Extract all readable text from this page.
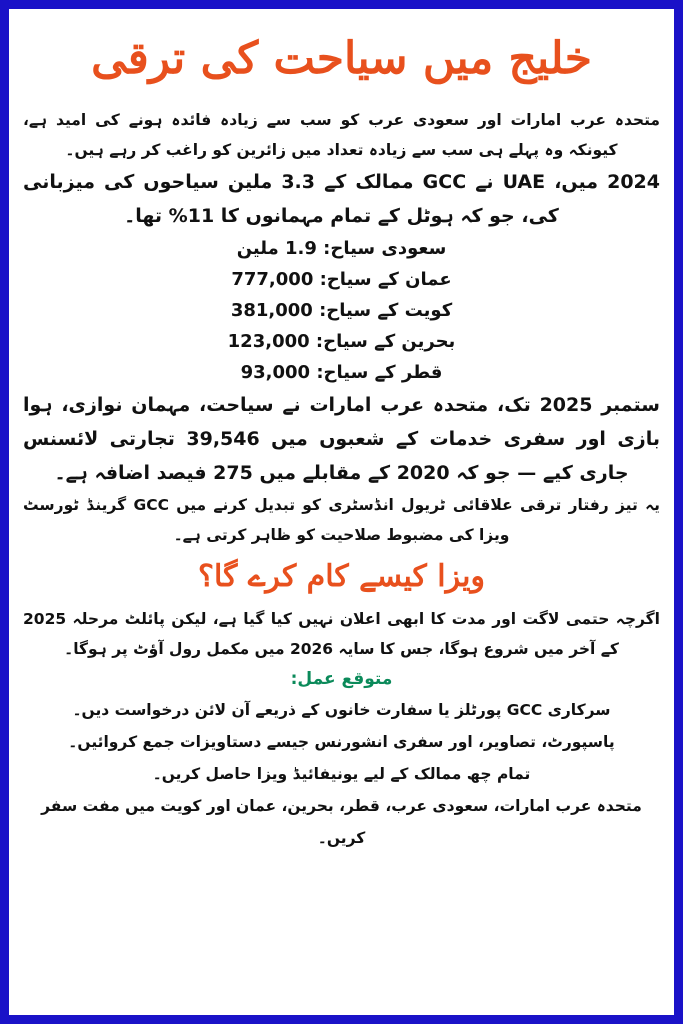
خلیج میں سیاحت کی ترقی

متحدہ عرب امارات اور سعودی عرب کو سب سے زیادہ فائدہ ہونے کی امید ہے، کیونکہ وہ پہلے ہی سب سے زیادہ تعداد میں زائرین کو راغب کر رہے ہیں۔

2024 میں، UAE نے GCC ممالک کے 3.3 ملین سیاحوں کی میزبانی کی، جو کہ ہوٹل کے تمام مہمانوں کا 11% تھا۔

سعودی سیاح: 1.9 ملین

عمان کے سیاح: 777,000

کویت کے سیاح: 381,000

بحرین کے سیاح: 123,000

قطر کے سیاح: 93,000

ستمبر 2025 تک، متحدہ عرب امارات نے سیاحت، مہمان نوازی، ہوا بازی اور سفری خدمات کے شعبوں میں 39,546 تجارتی لائسنس جاری کیے — جو کہ 2020 کے مقابلے میں 275 فیصد اضافہ ہے۔

یہ تیز رفتار ترقی علاقائی ٹریول انڈسٹری کو تبدیل کرنے میں GCC گرینڈ ٹورسٹ ویزا کی مضبوط صلاحیت کو ظاہر کرتی ہے۔

ویزا کیسے کام کرے گا؟

اگرچہ حتمی لاگت اور مدت کا ابھی اعلان نہیں کیا گیا ہے، لیکن پائلٹ مرحلہ 2025 کے آخر میں شروع ہوگا، جس کا سایہ 2026 میں مکمل رول آؤٹ پر ہوگا۔

متوقع عمل:

سرکاری GCC پورٹلز یا سفارت خانوں کے ذریعے آن لائن درخواست دیں۔

پاسپورٹ، تصاویر، اور سفری انشورنس جیسے دستاویزات جمع کروائیں۔

تمام چھ ممالک کے لیے یونیفائیڈ ویزا حاصل کریں۔

متحدہ عرب امارات، سعودی عرب، قطر، بحرین، عمان اور کویت میں مفت سفر کریں۔
